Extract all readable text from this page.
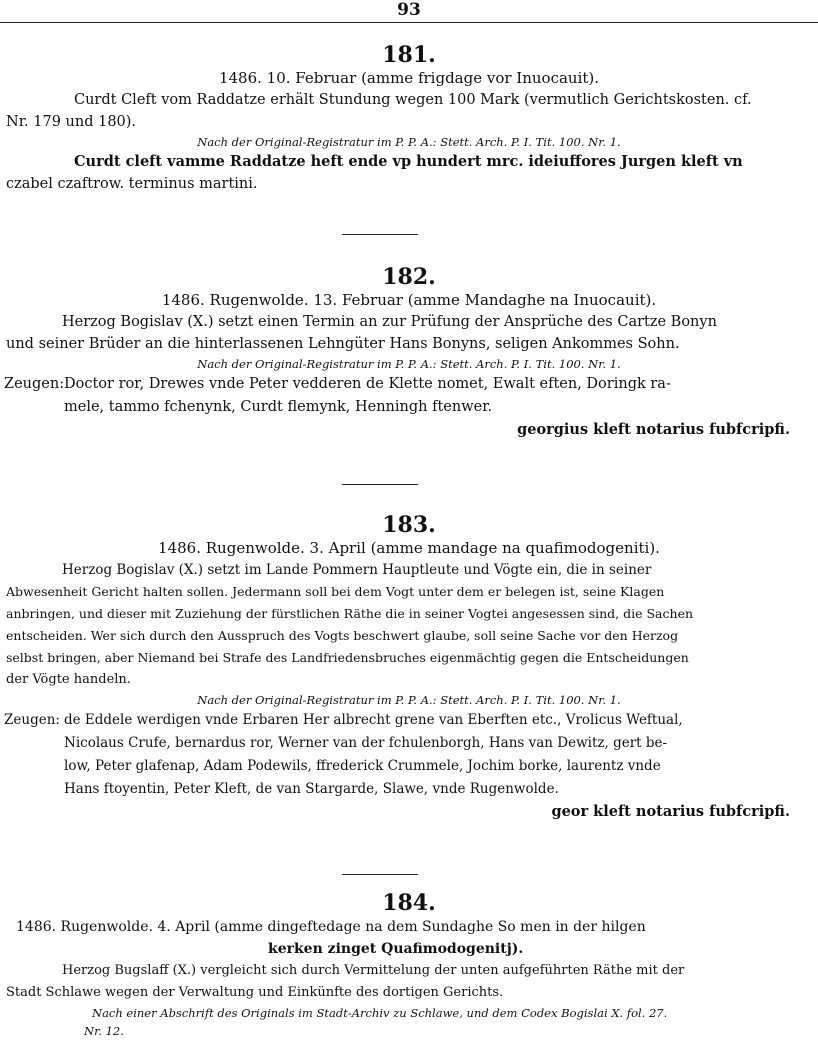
93
181.
1486. 10. Februar (amme frigdage vor Inuocauit).
Curdt Cleft vom Raddatze erhält Stundung wegen 100 Mark (vermutlich Gerichtskosten. cf.
Nr. 179 und 180).
Nach der Original-Registratur im P. P. A.: Stett. Arch. P. I. Tit. 100. Nr. 1.
Curdt cleft vamme Raddatze heft ende vp hundert mrc. ideiuffores Jurgen kleft vn
czabel czaftrow. terminus martini.
182.
1486. Rugenwolde. 13. Februar (amme Mandaghe na Inuocauit).
Herzog Bogislav (X.) setzt einen Termin an zur Prüfung der Ansprüche des Cartze Bonyn
und seiner Brüder an die hinterlassenen Lehngüter Hans Bonyns, seligen Ankommes Sohn.
Nach der Original-Registratur im P. P. A.: Stett. Arch. P. I. Tit. 100. Nr. 1.
Zeugen: Doctor ror, Drewes vnde Peter vedderen de Klette nomet, Ewalt eften, Doringk ra-
mele, tammo fchenynk, Curdt flemynk, Henningh ftenwer.
georgius kleft notarius fubfcripfi.
183.
1486. Rugenwolde. 3. April (amme mandage na quafimodogeniti).
Herzog Bogislav (X.) setzt im Lande Pommern Hauptleute und Vögte ein, die in seiner
Abwesenheit Gericht halten sollen. Jedermann soll bei dem Vogt unter dem er belegen ist, seine Klagen
anbringen, und dieser mit Zuziehung der fürstlichen Räthe die in seiner Vogtei angesessen sind, die Sachen
entscheiden. Wer sich durch den Ausspruch des Vogts beschwert glaube, soll seine Sache vor den Herzog
selbst bringen, aber Niemand bei Strafe des Landfriedensbruches eigenmächtig gegen die Entscheidungen
der Vögte handeln.
Nach der Original-Registratur im P. P. A.: Stett. Arch. P. I. Tit. 100. Nr. 1.
Zeugen: de Eddele werdigen vnde Erbaren Her albrecht grene van Eberften etc., Vrolicus Weftual,
Nicolaus Crufe, bernardus ror, Werner van der fchulenborgh, Hans van Dewitz, gert be-
low, Peter glafenap, Adam Podewils, ffrederick Crummele, Jochim borke, laurentz vnde
Hans ftoyentin, Peter Kleft, de van Stargarde, Slawe, vnde Rugenwolde.
geor kleft notarius fubfcripfi.
184.
1486. Rugenwolde. 4. April (amme dingeftedage na dem Sundaghe So men in der hilgen
kerken zinget Quafimodogenitj).
Herzog Bugslaff (X.) vergleicht sich durch Vermittelung der unten aufgeführten Räthe mit der
Stadt Schlawe wegen der Verwaltung und Einkünfte des dortigen Gerichts.
Nach einer Abschrift des Originals im Stadt-Archiv zu Schlawe, und dem Codex Bogislai X. fol. 27.
Nr. 12.
